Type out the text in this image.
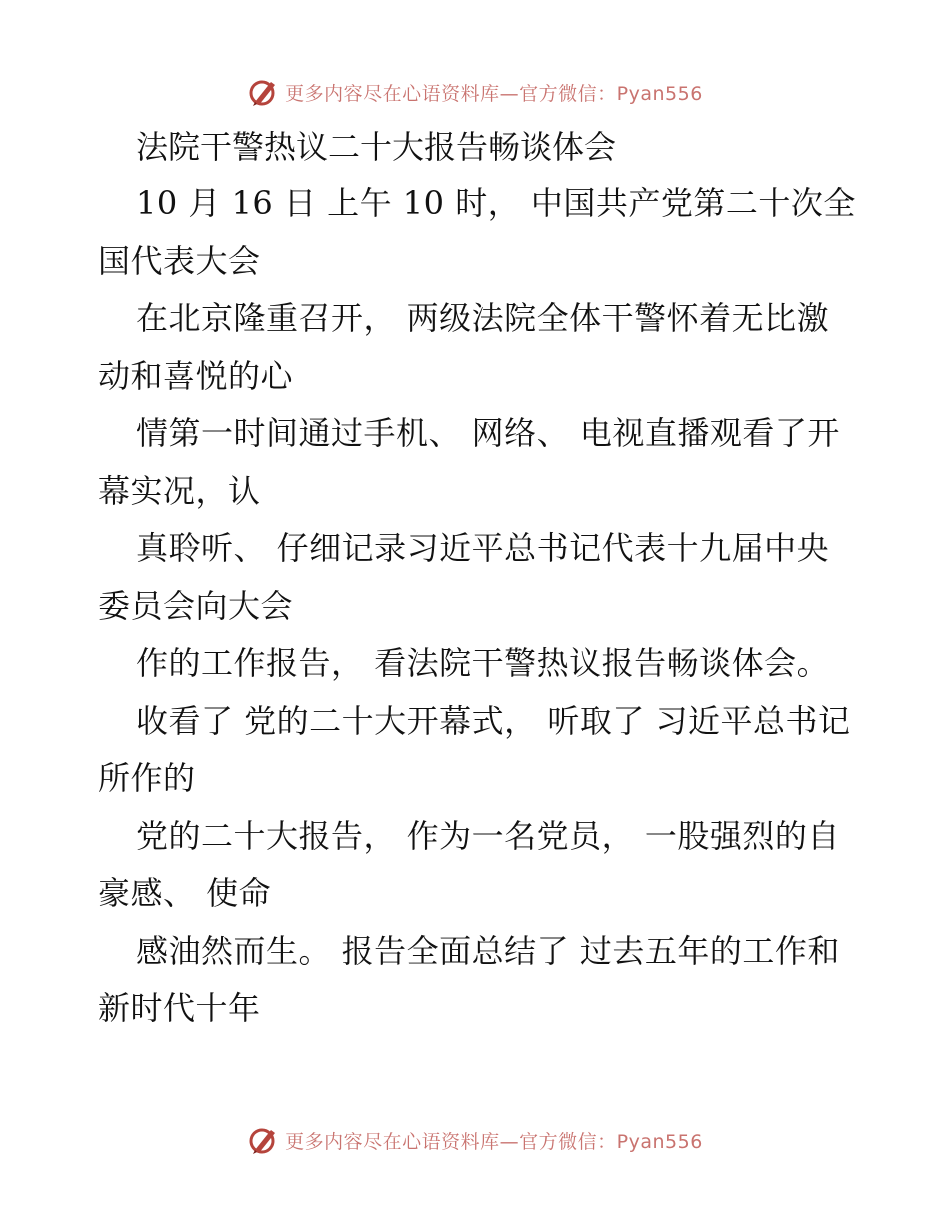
更多内容尽在心语资料库—官方微信：Pyan556

法院干警热议二十大报告畅谈体会

10 月 16 日 上午 10 时， 中国共产党第二十次全国代表大会

在北京隆重召开， 两级法院全体干警怀着无比激动和喜悦的心

情第一时间通过手机、 网络、 电视直播观看了开幕实况，认

真聆听、 仔细记录习近平总书记代表十九届中央委员会向大会

作的工作报告， 看法院干警热议报告畅谈体会。

收看了 党的二十大开幕式， 听取了 习近平总书记所作的

党的二十大报告， 作为一名党员， 一股强烈的自豪感、 使命

感油然而生。 报告全面总结了 过去五年的工作和新时代十年

更多内容尽在心语资料库—官方微信：Pyan556
